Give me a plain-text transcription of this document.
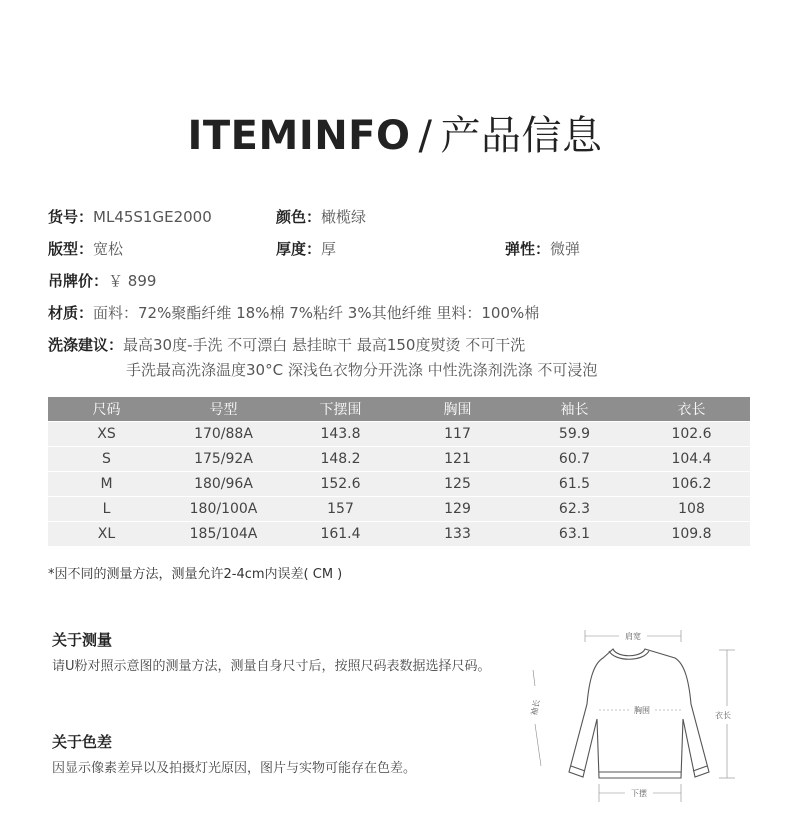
ITEMINFO / 产品信息
货号：ML45S1GE2000	颜色：橄榄绿
版型：宽松	厚度：厚	弹性：微弹
吊牌价：￥ 899
材质：面料：72%聚酯纤维 18%棉 7%粘纤 3%其他纤维 里料：100%棉
洗涤建议：最高30度-手洗 不可漂白 悬挂晾干 最高150度熨烫 不可干洗
手洗最高洗涤温度30°C 深浅色衣物分开洗涤 中性洗涤剂洗涤 不可浸泡
尺码	号型	下摆围	胸围	袖长	衣长
XS	170/88A	143.8	117	59.9	102.6
S	175/92A	148.2	121	60.7	104.4
M	180/96A	152.6	125	61.5	106.2
L	180/100A	157	129	62.3	108
XL	185/104A	161.4	133	63.1	109.8
*因不同的测量方法，测量允许2-4cm内误差( CM )
关于测量
请U粉对照示意图的测量方法，测量自身尺寸后，按照尺码表数据选择尺码。
关于色差
因显示像素差异以及拍摄灯光原因，图片与实物可能存在色差。
肩宽
胸围
袖长	衣长
下摆
